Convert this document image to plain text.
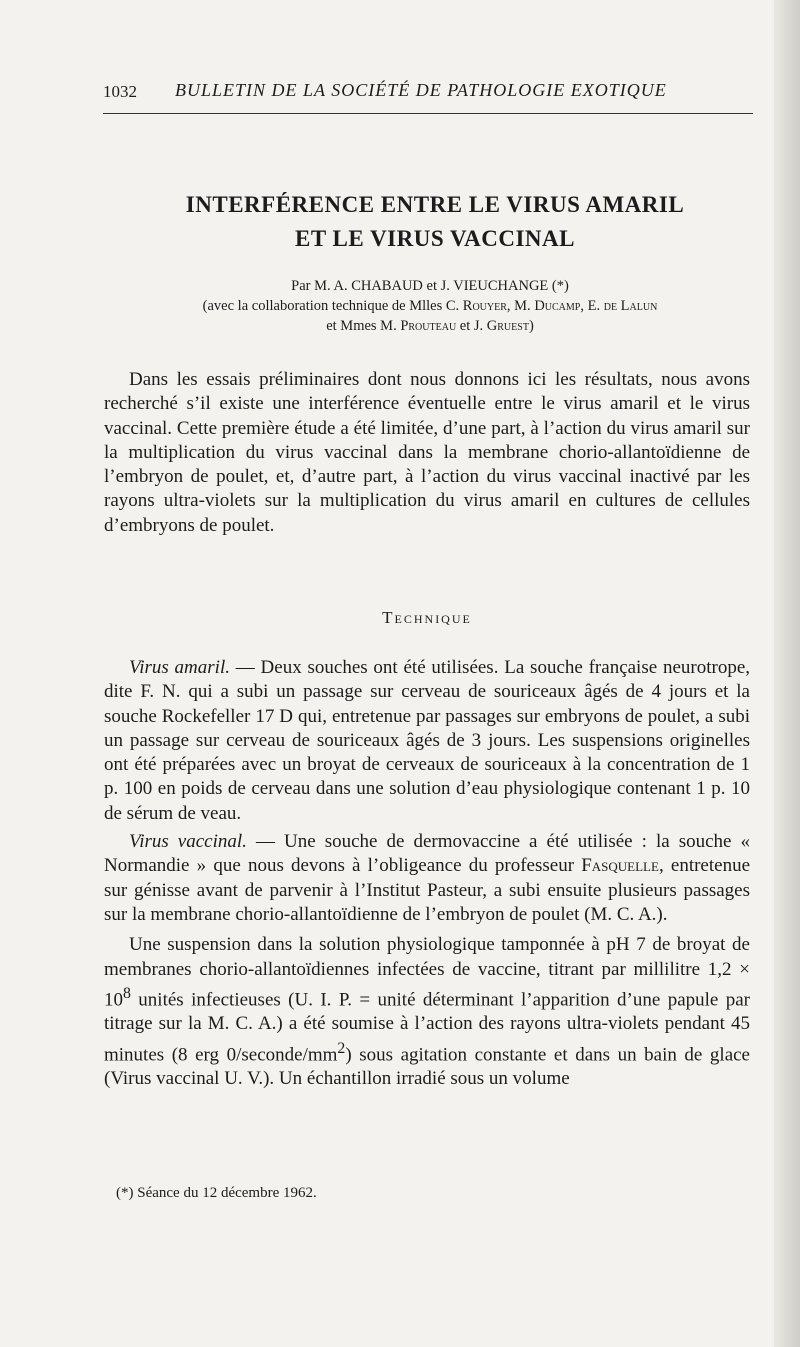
1032 BULLETIN DE LA SOCIÉTÉ DE PATHOLOGIE EXOTIQUE
INTERFÉRENCE ENTRE LE VIRUS AMARIL
ET LE VIRUS VACCINAL
Par M. A. CHABAUD et J. VIEUCHANGE (*)
(avec la collaboration technique de Mlles C. Rouyer, M. Ducamp, E. de Lalun
et Mmes M. Prouteau et J. Gruest)

Dans les essais préliminaires dont nous donnons ici les résultats, nous avons recherché s’il existe une interférence éventuelle entre le virus amaril et le virus vaccinal. Cette première étude a été limitée, d’une part, à l’action du virus amaril sur la multiplication du virus vaccinal dans la membrane chorio-allantoïdienne de l’embryon de poulet, et, d’autre part, à l’action du virus vaccinal inactivé par les rayons ultra-violets sur la multiplication du virus amaril en cultures de cellules d’embryons de poulet.

Technique

Virus amaril. — Deux souches ont été utilisées. La souche française neurotrope, dite F. N. qui a subi un passage sur cerveau de souriceaux âgés de 4 jours et la souche Rockefeller 17 D qui, entretenue par passages sur embryons de poulet, a subi un passage sur cerveau de souriceaux âgés de 3 jours. Les suspensions originelles ont été préparées avec un broyat de cerveaux de souriceaux à la concentration de 1 p. 100 en poids de cerveau dans une solution d’eau physiologique contenant 1 p. 10 de sérum de veau.

Virus vaccinal. — Une souche de dermovaccine a été utilisée : la souche « Normandie » que nous devons à l’obligeance du professeur Fasquelle, entretenue sur génisse avant de parvenir à l’Institut Pasteur, a subi ensuite plusieurs passages sur la membrane chorio-allantoïdienne de l’embryon de poulet (M. C. A.).

Une suspension dans la solution physiologique tamponnée à pH 7 de broyat de membranes chorio-allantoïdiennes infectées de vaccine, titrant par millilitre $1,2 \times 10^8$ unités infectieuses (U. I. P. = unité déterminant l’apparition d’une papule par titrage sur la M. C. A.) a été soumise à l’action des rayons ultra-violets pendant 45 minutes (8 erg $0/seconde/mm^2$) sous agitation constante et dans un bain de glace (Virus vaccinal U. V.). Un échantillon irradié sous un volume

(*) Séance du 12 décembre 1962.
